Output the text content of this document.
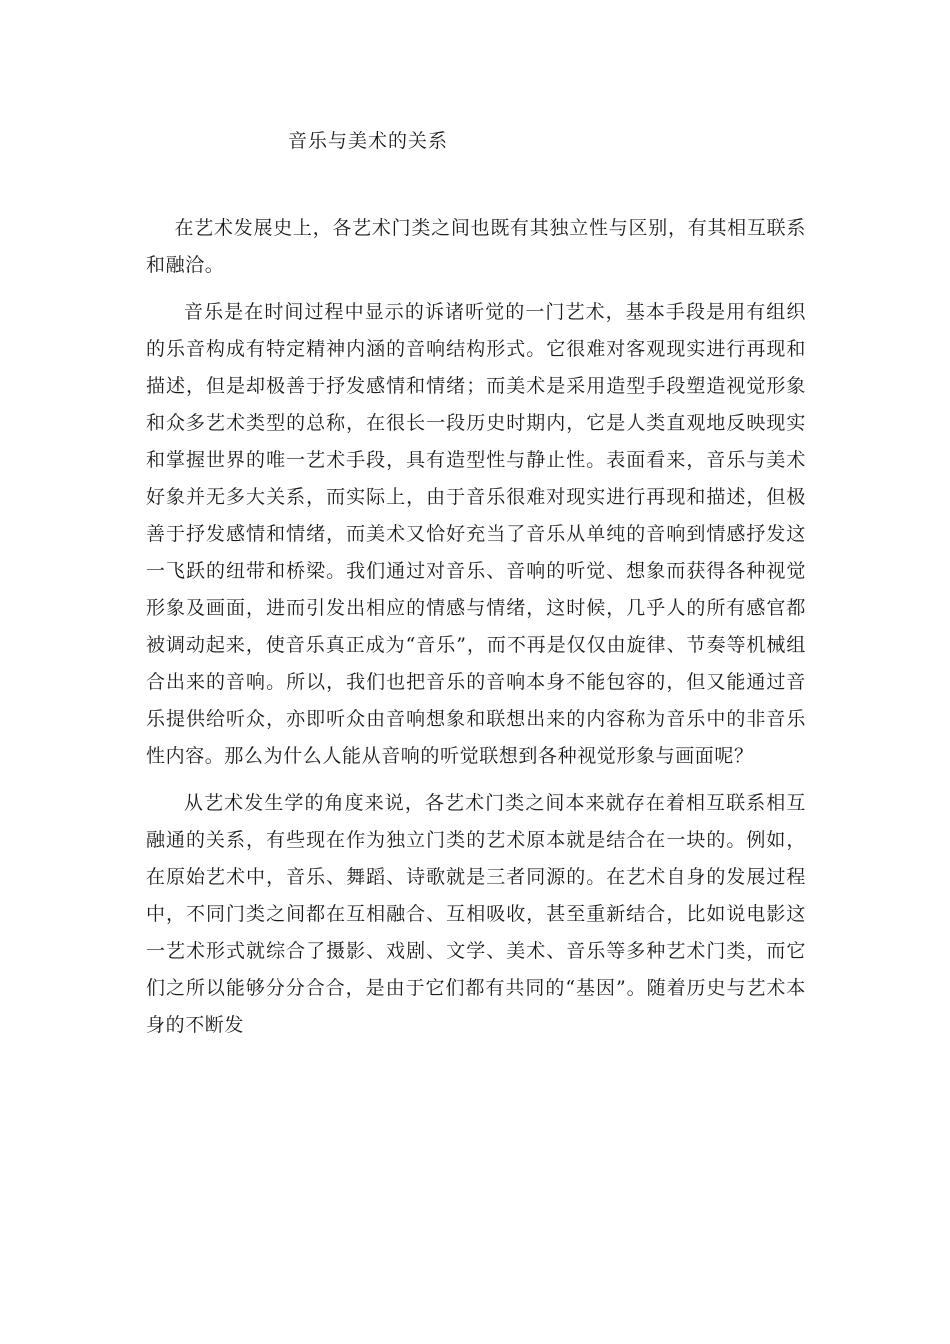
音乐与美术的关系

在艺术发展史上，各艺术门类之间也既有其独立性与区别，有其相互联系和融洽。

音乐是在时间过程中显示的诉诸听觉的一门艺术，基本手段是用有组织的乐音构成有特定精神内涵的音响结构形式。它很难对客观现实进行再现和描述，但是却极善于抒发感情和情绪；而美术是采用造型手段塑造视觉形象和众多艺术类型的总称，在很长一段历史时期内，它是人类直观地反映现实和掌握世界的唯一艺术手段，具有造型性与静止性。表面看来，音乐与美术好象并无多大关系，而实际上，由于音乐很难对现实进行再现和描述，但极善于抒发感情和情绪，而美术又恰好充当了音乐从单纯的音响到情感抒发这一飞跃的纽带和桥梁。我们通过对音乐、音响的听觉、想象而获得各种视觉形象及画面，进而引发出相应的情感与情绪，这时候，几乎人的所有感官都被调动起来，使音乐真正成为“音乐”，而不再是仅仅由旋律、节奏等机械组合出来的音响。所以，我们也把音乐的音响本身不能包容的，但又能通过音乐提供给听众，亦即听众由音响想象和联想出来的内容称为音乐中的非音乐性内容。那么为什么人能从音响的听觉联想到各种视觉形象与画面呢？

从艺术发生学的角度来说，各艺术门类之间本来就存在着相互联系相互融通的关系，有些现在作为独立门类的艺术原本就是结合在一块的。例如，在原始艺术中，音乐、舞蹈、诗歌就是三者同源的。在艺术自身的发展过程中，不同门类之间都在互相融合、互相吸收，甚至重新结合，比如说电影这一艺术形式就综合了摄影、戏剧、文学、美术、音乐等多种艺术门类，而它们之所以能够分分合合，是由于它们都有共同的“基因”。随着历史与艺术本身的不断发
